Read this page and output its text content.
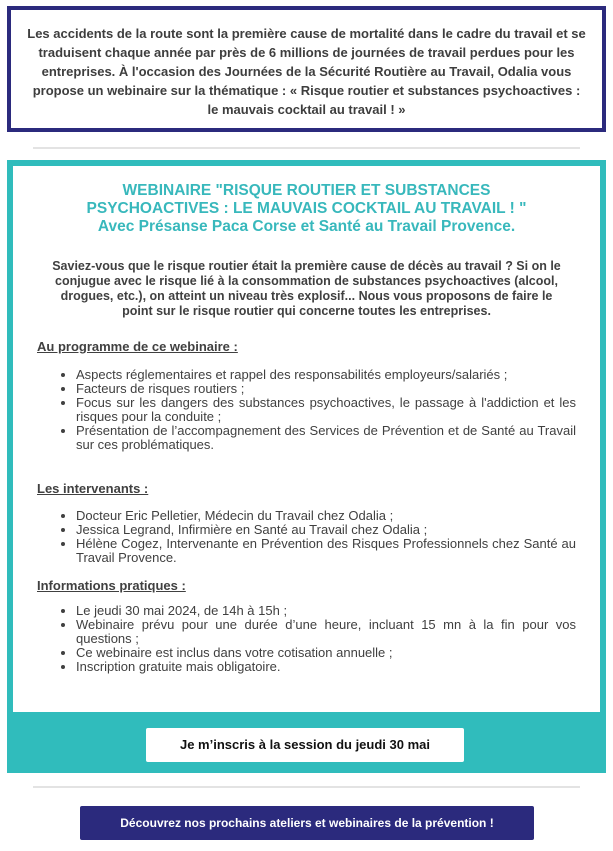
Les accidents de la route sont la première cause de mortalité dans le cadre du travail et se traduisent chaque année par près de 6 millions de journées de travail perdues pour les entreprises. À l'occasion des Journées de la Sécurité Routière au Travail, Odalia vous propose un webinaire sur la thématique : « Risque routier et substances psychoactives : le mauvais cocktail au travail ! »
WEBINAIRE "RISQUE ROUTIER ET SUBSTANCES
PSYCHOACTIVES : LE MAUVAIS COCKTAIL AU TRAVAIL ! "
Avec Présanse Paca Corse et Santé au Travail Provence.

Saviez-vous que le risque routier était la première cause de décès au travail ? Si on le conjugue avec le risque lié à la consommation de substances psychoactives (alcool, drogues, etc.), on atteint un niveau très explosif... Nous vous proposons de faire le point sur le risque routier qui concerne toutes les entreprises.

Au programme de ce webinaire :

• Aspects réglementaires et rappel des responsabilités employeurs/salariés ;
• Facteurs de risques routiers ;
• Focus sur les dangers des substances psychoactives, le passage à l'addiction et les risques pour la conduite ;
• Présentation de l’accompagnement des Services de Prévention et de Santé au Travail sur ces problématiques.

Les intervenants :

• Docteur Eric Pelletier, Médecin du Travail chez Odalia ;
• Jessica Legrand, Infirmière en Santé au Travail chez Odalia ;
• Hélène Cogez, Intervenante en Prévention des Risques Professionnels chez Santé au Travail Provence.

Informations pratiques :

• Le jeudi 30 mai 2024, de 14h à 15h ;
• Webinaire prévu pour une durée d’une heure, incluant 15 mn à la fin pour vos questions ;
• Ce webinaire est inclus dans votre cotisation annuelle ;
• Inscription gratuite mais obligatoire.
Je m’inscris à la session du jeudi 30 mai
Découvrez nos prochains ateliers et webinaires de la prévention !
